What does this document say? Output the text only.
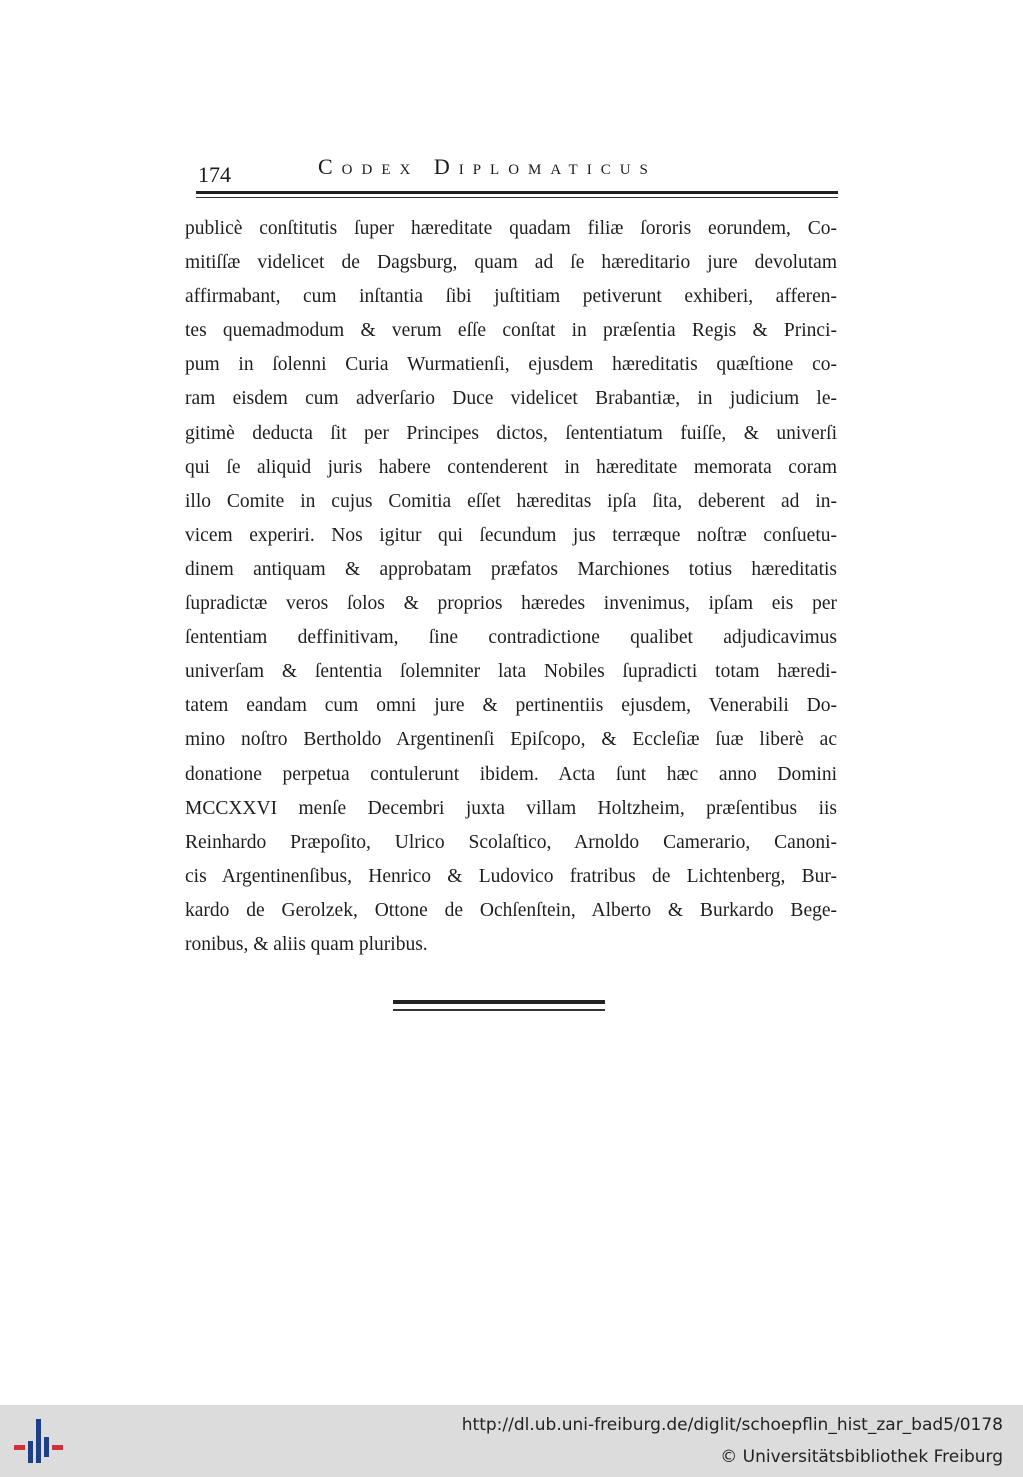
174	Codex Diplomaticus
publicè conſtitutis ſuper hæreditate quadam filiæ ſororis eorundem, Co-
mitiſſæ videlicet de Dagsburg, quam ad ſe hæreditario jure devolutam
affirmabant, cum inſtantia ſibi juſtitiam petiverunt exhiberi, afferen-
tes quemadmodum & verum eſſe conſtat in præſentia Regis & Princi-
pum in ſolenni Curia Wurmatienſi, ejusdem hæreditatis quæſtione co-
ram eisdem cum adverſario Duce videlicet Brabantiæ, in judicium le-
gitimè deducta ſit per Principes dictos, ſententiatum fuiſſe, & univerſi
qui ſe aliquid juris habere contenderent in hæreditate memorata coram
illo Comite in cujus Comitia eſſet hæreditas ipſa ſita, deberent ad in-
vicem experiri. Nos igitur qui ſecundum jus terræque noſtræ conſuetu-
dinem antiquam & approbatam præfatos Marchiones totius hæreditatis
ſupradictæ veros ſolos & proprios hæredes invenimus, ipſam eis per
ſententiam deffinitivam, ſine contradictione qualibet adjudicavimus
univerſam & ſententia ſolemniter lata Nobiles ſupradicti totam hæredi-
tatem eandam cum omni jure & pertinentiis ejusdem, Venerabili Do-
mino noſtro Bertholdo Argentinenſi Epiſcopo, & Eccleſiæ ſuæ liberè ac
donatione perpetua contulerunt ibidem. Acta ſunt hæc anno Domini
MCCXXVI menſe Decembri juxta villam Holtzheim, præſentibus iis
Reinhardo Præpoſito, Ulrico Scolaſtico, Arnoldo Camerario, Canoni-
cis Argentinenſibus, Henrico & Ludovico fratribus de Lichtenberg, Bur-
kardo de Gerolzek, Ottone de Ochſenſtein, Alberto & Burkardo Bege-
ronibus, & aliis quam pluribus.
http://dl.ub.uni-freiburg.de/diglit/schoepflin_hist_zar_bad5/0178
© Universitätsbibliothek Freiburg
